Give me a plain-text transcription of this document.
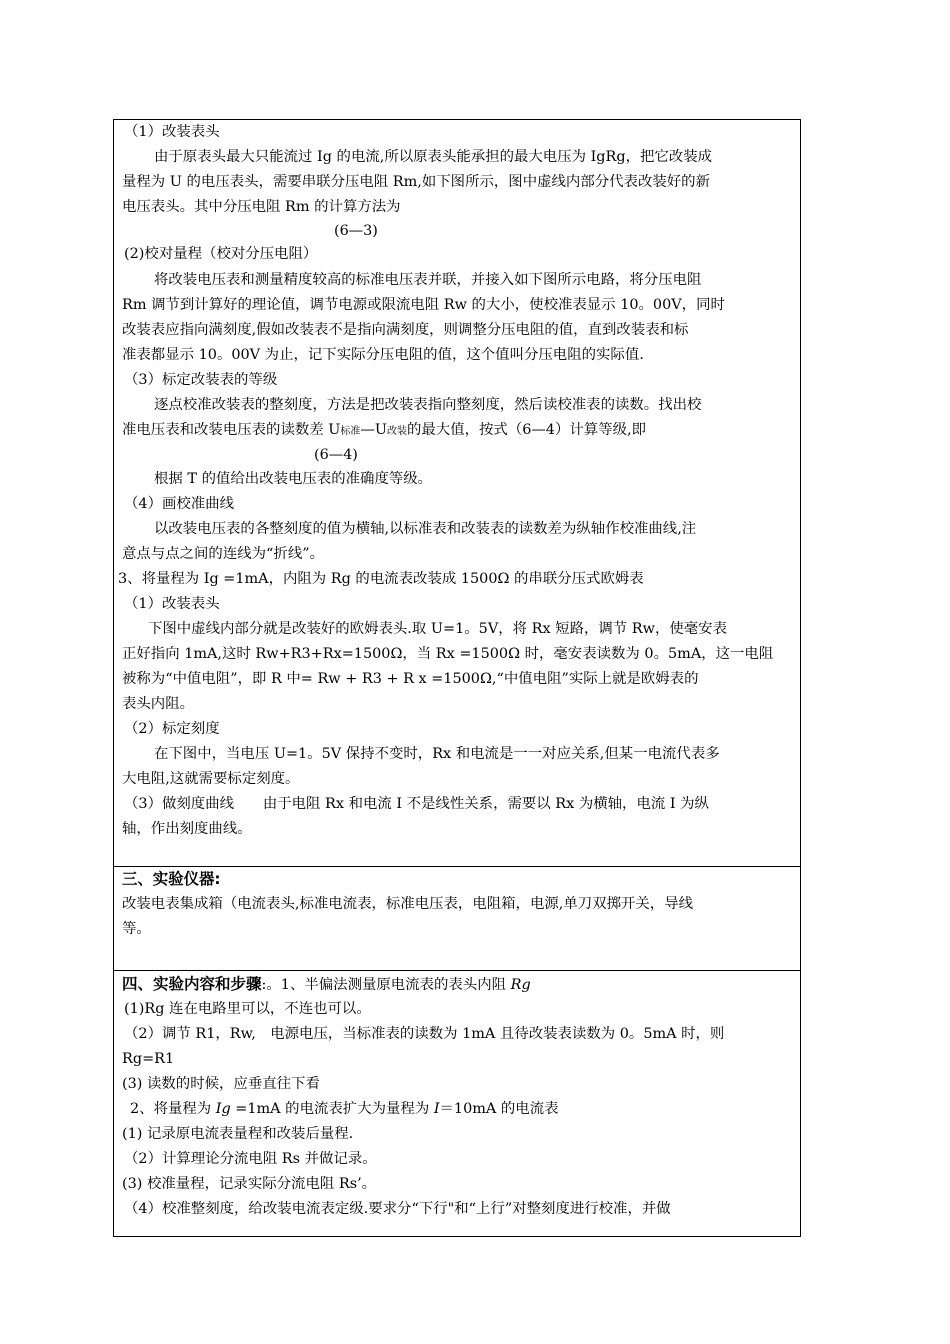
（1）改装表头
由于原表头最大只能流过 Ig 的电流,所以原表头能承担的最大电压为 IgRg，把它改装成
量程为 U 的电压表头，需要串联分压电阻 Rm,如下图所示，图中虚线内部分代表改装好的新
电压表头。其中分压电阻 Rm 的计算方法为
(6—3)
(2)校对量程（校对分压电阻）
将改装电压表和测量精度较高的标准电压表并联，并接入如下图所示电路，将分压电阻
Rm 调节到计算好的理论值，调节电源或限流电阻 Rw 的大小，使校准表显示 10。00V，同时
改装表应指向满刻度,假如改装表不是指向满刻度，则调整分压电阻的值，直到改装表和标
准表都显示 10。00V 为止，记下实际分压电阻的值，这个值叫分压电阻的实际值.
（3）标定改装表的等级
逐点校准改装表的整刻度，方法是把改装表指向整刻度，然后读校准表的读数。找出校
准电压表和改装电压表的读数差 U标准—U改装的最大值，按式（6—4）计算等级,即
(6—4)
根据 T 的值给出改装电压表的准确度等级。
（4）画校准曲线
以改装电压表的各整刻度的值为横轴,以标准表和改装表的读数差为纵轴作校准曲线,注
意点与点之间的连线为“折线”。
3、将量程为 Ig =1mA，内阻为 Rg 的电流表改装成 1500Ω 的串联分压式欧姆表
（1）改装表头
下图中虚线内部分就是改装好的欧姆表头.取 U=1。5V，将 Rx 短路，调节 Rw，使毫安表
正好指向 1mA,这时 Rw+R3+Rx=1500Ω，当 Rx =1500Ω 时，毫安表读数为 0。5mA，这一电阻
被称为“中值电阻”，即 R 中= Rw + R3 + R x =1500Ω,“中值电阻”实际上就是欧姆表的
表头内阻。
（2）标定刻度
在下图中，当电压 U=1。5V 保持不变时，Rx 和电流是一一对应关系,但某一电流代表多
大电阻,这就需要标定刻度。
（3）做刻度曲线　　由于电阻 Rx 和电流 I 不是线性关系，需要以 Rx 为横轴，电流 I 为纵
轴，作出刻度曲线。
三、实验仪器:
改装电表集成箱（电流表头,标准电流表，标准电压表，电阻箱，电源,单刀双掷开关，导线
等。
四、实验内容和步骤:。1、半偏法测量原电流表的表头内阻 Rg
(1)Rg 连在电路里可以，不连也可以。
（2）调节 R1，Rw,　电源电压，当标准表的读数为 1mA 且待改装表读数为 0。5mA 时，则
Rg=R1
(3) 读数的时候，应垂直往下看
2、将量程为 Ig =1mA 的电流表扩大为量程为 I＝10mA 的电流表
(1) 记录原电流表量程和改装后量程.
（2）计算理论分流电阻 Rs 并做记录。
(3) 校准量程，记录实际分流电阻 Rs’。
（4）校准整刻度，给改装电流表定级.要求分“下行"和“上行”对整刻度进行校准，并做
